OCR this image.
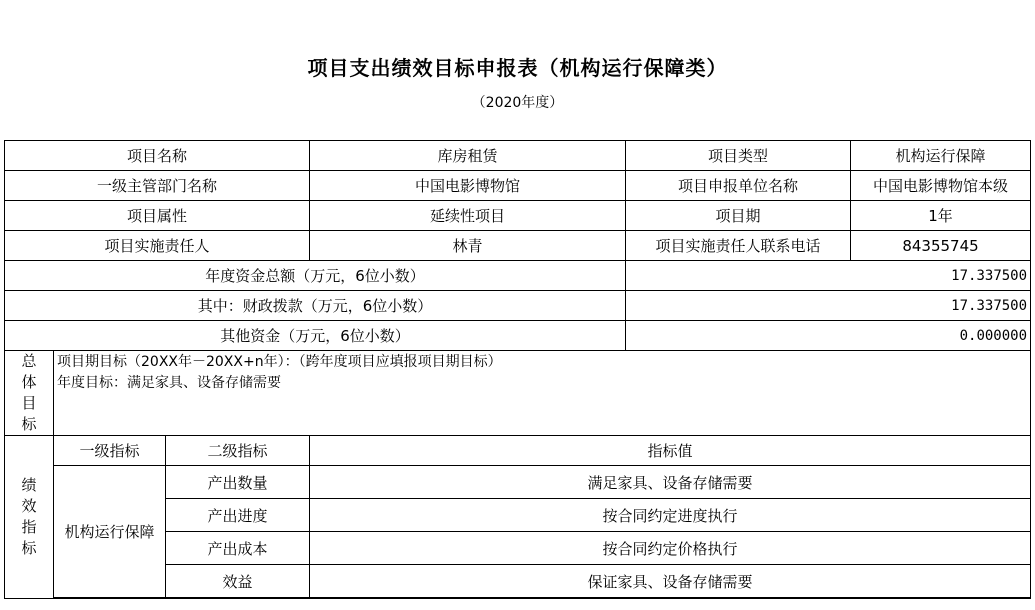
项目支出绩效目标申报表（机构运行保障类）
（2020年度）
项目名称			库房租赁	项目类型	机构运行保障
一级主管部门名称			中国电影博物馆	项目申报单位名称	中国电影博物馆本级
项目属性			延续性项目	项目期	1年
项目实施责任人			林青	项目实施责任人联系电话	84355745
年度资金总额（万元，6位小数）				17.337500	
其中：财政拨款（万元，6位小数）				17.337500	
其他资金（万元，6位小数）				0.000000	

总体目标	项目期目标（20XX年－20XX+n年）：（跨年度项目应填报项目期目标）
年度目标：满足家具、设备存储需要				

绩效指标	一级指标	二级指标	指标值		
	机构运行保障	产出数量	满足家具、设备存储需要		
		产出进度	按合同约定进度执行		
		产出成本	按合同约定价格执行		
		效益	保证家具、设备存储需要		
